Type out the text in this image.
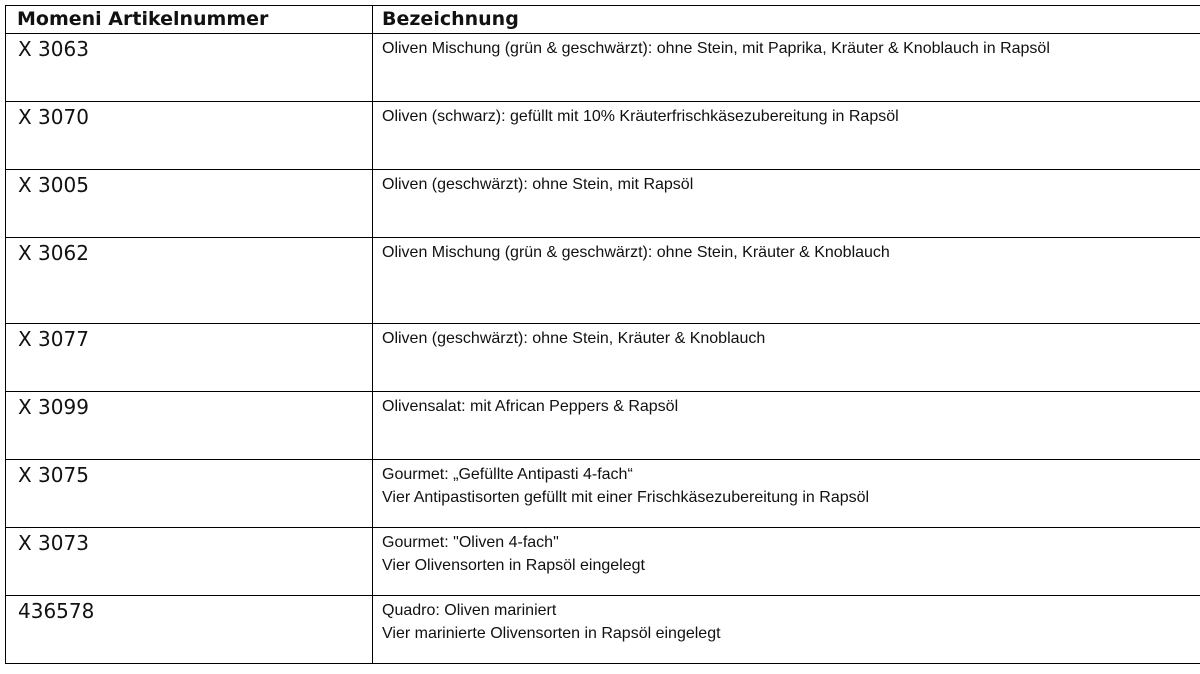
Momeni Artikelnummer	Bezeichnung
X 3063	Oliven Mischung (grün & geschwärzt): ohne Stein, mit Paprika, Kräuter & Knoblauch in Rapsöl

X 3070	Oliven (schwarz): gefüllt mit 10% Kräuterfrischkäsezubereitung in Rapsöl

X 3005	Oliven (geschwärzt): ohne Stein, mit Rapsöl

X 3062	Oliven Mischung (grün & geschwärzt): ohne Stein, Kräuter & Knoblauch

X 3077	Oliven (geschwärzt): ohne Stein, Kräuter & Knoblauch

X 3099	Olivensalat: mit African Peppers & Rapsöl

X 3075	Gourmet: „Gefüllte Antipasti 4-fach“
Vier Antipastisorten gefüllt mit einer Frischkäsezubereitung in Rapsöl

X 3073	Gourmet: "Oliven 4-fach"
Vier Olivensorten in Rapsöl eingelegt

436578	Quadro: Oliven mariniert
Vier marinierte Olivensorten in Rapsöl eingelegt
